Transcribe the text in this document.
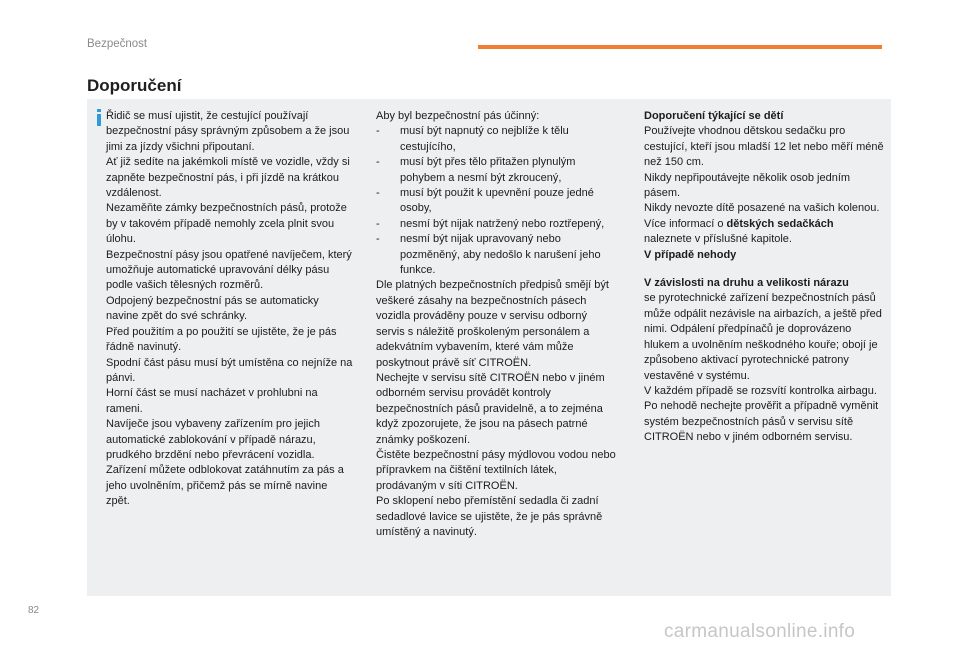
Bezpečnost
Doporučení

Řidič se musí ujistit, že cestující používají bezpečnostní pásy správným způsobem a že jsou jimi za jízdy všichni připoutaní.

Ať již sedíte na jakémkoli místě ve vozidle, vždy si zapněte bezpečnostní pás, i při jízdě na krátkou vzdálenost.

Nezaměňte zámky bezpečnostních pásů, protože by v takovém případě nemohly zcela plnit svou úlohu.

Bezpečnostní pásy jsou opatřené navíječem, který umožňuje automatické upravování délky pásu podle vašich tělesných rozměrů.

Odpojený bezpečnostní pás se automaticky navine zpět do své schránky.

Před použitím a po použití se ujistěte, že je pás řádně navinutý.

Spodní část pásu musí být umístěna co nejníže na pánvi.

Horní část se musí nacházet v prohlubni na rameni.

Navíječe jsou vybaveny zařízením pro jejich automatické zablokování v případě nárazu, prudkého brzdění nebo převrácení vozidla.

Zařízení můžete odblokovat zatáhnutím za pás a jeho uvolněním, přičemž pás se mírně navine zpět.

Aby byl bezpečnostní pás účinný:

- musí být napnutý co nejblíže k tělu cestujícího,
- musí být přes tělo přitažen plynulým pohybem a nesmí být zkroucený,
- musí být použit k upevnění pouze jedné osoby,
- nesmí být nijak natržený nebo roztřepený,
- nesmí být nijak upravovaný nebo pozměněný, aby nedošlo k narušení jeho funkce.

Dle platných bezpečnostních předpisů smějí být veškeré zásahy na bezpečnostních pásech vozidla prováděny pouze v servisu odborný servis s náležitě proškoleným personálem a adekvátním vybavením, které vám může poskytnout právě síť CITROËN.

Nechejte v servisu sítě CITROËN nebo v jiném odborném servisu provádět kontroly bezpečnostních pásů pravidelně, a to zejména když zpozorujete, že jsou na pásech patrné známky poškození.

Čistěte bezpečnostní pásy mýdlovou vodou nebo přípravkem na čištění textilních látek, prodávaným v síti CITROËN.

Po sklopení nebo přemístění sedadla či zadní sedadlové lavice se ujistěte, že je pás správně umístěný a navinutý.

Doporučení týkající se dětí

Používejte vhodnou dětskou sedačku pro cestující, kteří jsou mladší 12 let nebo měří méně než 150 cm.

Nikdy nepřipoutávejte několik osob jedním pásem.

Nikdy nevozte dítě posazené na vašich kolenou.

Více informací o dětských sedačkách naleznete v příslušné kapitole.

V případě nehody

V závislosti na druhu a velikosti nárazu

se pyrotechnické zařízení bezpečnostních pásů může odpálit nezávisle na airbazích, a ještě před nimi. Odpálení předpínačů je doprovázeno hlukem a uvolněním neškodného kouře; obojí je způsobeno aktivací pyrotechnické patrony vestavěné v systému.

V každém případě se rozsvítí kontrolka airbagu.

Po nehodě nechejte prověřit a případně vyměnit systém bezpečnostních pásů v servisu sítě CITROËN nebo v jiném odborném servisu.

82
carmanualsonline.info
